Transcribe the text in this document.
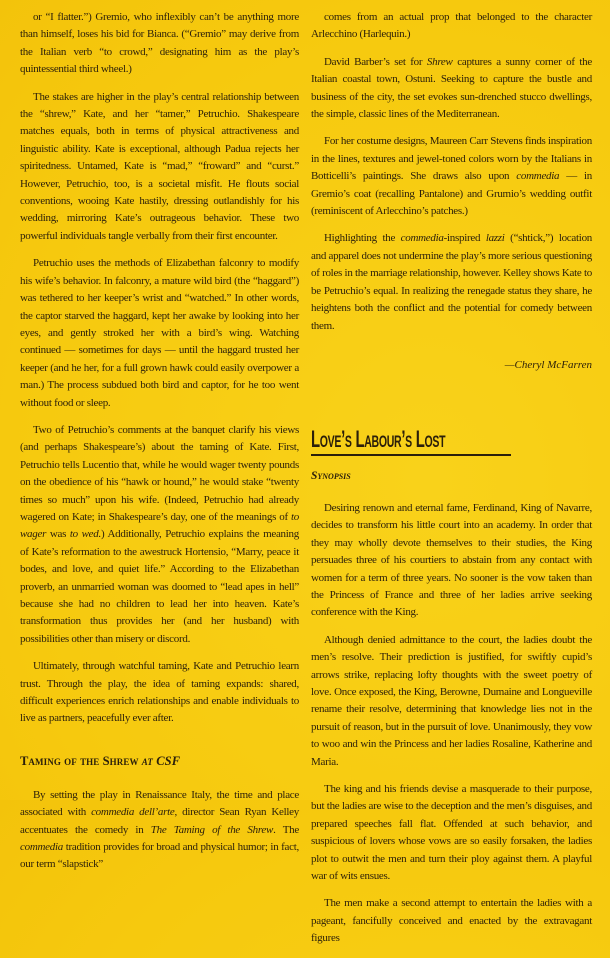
or “I flatter.”) Gremio, who inflexibly can’t be anything more than himself, loses his bid for Bianca. (“Gremio” may derive from the Italian verb “to crowd,” designating him as the play’s quintessential third wheel.)

The stakes are higher in the play’s central relationship between the “shrew,” Kate, and her “tamer,” Petruchio. Shakespeare matches equals, both in terms of physical attractiveness and linguistic ability. Kate is exceptional, although Padua rejects her spiritedness. Untamed, Kate is “mad,” “froward” and “curst.” However, Petruchio, too, is a societal misfit. He flouts social conventions, wooing Kate hastily, dressing outlandishly for his wedding, mirroring Kate’s outrageous behavior. These two powerful individuals tangle verbally from their first encounter.

Petruchio uses the methods of Elizabethan falconry to modify his wife’s behavior. In falconry, a mature wild bird (the “haggard”) was tethered to her keeper’s wrist and “watched.” In other words, the captor starved the haggard, kept her awake by looking into her eyes, and gently stroked her with a bird’s wing. Watching continued — sometimes for days — until the haggard trusted her keeper (and he her, for a full grown hawk could easily overpower a man.) The process subdued both bird and captor, for he too went without food or sleep.

Two of Petruchio’s comments at the banquet clarify his views (and perhaps Shakespeare’s) about the taming of Kate. First, Petruchio tells Lucentio that, while he would wager twenty pounds on the obedience of his “hawk or hound,” he would stake “twenty times so much” upon his wife. (Indeed, Petruchio had already wagered on Kate; in Shakespeare’s day, one of the meanings of to wager was to wed.) Additionally, Petruchio explains the meaning of Kate’s reformation to the awestruck Hortensio, “Marry, peace it bodes, and love, and quiet life.” According to the Elizabethan proverb, an unmarried woman was doomed to “lead apes in hell” because she had no children to lead her into heaven. Kate’s transformation thus provides her (and her husband) with possibilities other than misery or discord.

Ultimately, through watchful taming, Kate and Petruchio learn trust. Through the play, the idea of taming expands: shared, difficult experiences enrich relationships and enable individuals to live as partners, peacefully ever after.

Taming of the Shrew at CSF

By setting the play in Renaissance Italy, the time and place associated with commedia dell’arte, director Sean Ryan Kelley accentuates the comedy in The Taming of the Shrew. The commedia tradition provides for broad and physical humor; in fact, our term “slapstick”

comes from an actual prop that belonged to the character Arlecchino (Harlequin.)

David Barber’s set for Shrew captures a sunny corner of the Italian coastal town, Ostuni. Seeking to capture the bustle and business of the city, the set evokes sun-drenched stucco dwellings, the simple, classic lines of the Mediterranean.

For her costume designs, Maureen Carr Stevens finds inspiration in the lines, textures and jewel-toned colors worn by the Italians in Botticelli’s paintings. She draws also upon commedia — in Gremio’s coat (recalling Pantalone) and Grumio’s wedding outfit (reminiscent of Arlecchino’s patches.)

Highlighting the commedia-inspired lazzi (“shtick,”) location and apparel does not undermine the play’s more serious questioning of roles in the marriage relationship, however. Kelley shows Kate to be Petruchio’s equal. In realizing the renegade status they share, he heightens both the conflict and the potential for comedy between them.

—Cheryl McFarren
Love’s Labour’s Lost
Synopsis

Desiring renown and eternal fame, Ferdinand, King of Navarre, decides to transform his little court into an academy. In order that they may wholly devote themselves to their studies, the King persuades three of his courtiers to abstain from any contact with women for a term of three years. No sooner is the vow taken than the Princess of France and three of her ladies arrive seeking conference with the King.

Although denied admittance to the court, the ladies doubt the men’s resolve. Their prediction is justified, for swiftly cupid’s arrows strike, replacing lofty thoughts with the sweet poetry of love. Once exposed, the King, Berowne, Dumaine and Longueville rename their resolve, determining that knowledge lies not in the pursuit of reason, but in the pursuit of love. Unanimously, they vow to woo and win the Princess and her ladies Rosaline, Katherine and Maria.

The king and his friends devise a masquerade to their purpose, but the ladies are wise to the deception and the men’s disguises, and prepared speeches fall flat. Offended at such behavior, and suspicious of lovers whose vows are so easily forsaken, the ladies plot to outwit the men and turn their ploy against them. A playful war of wits ensues.

The men make a second attempt to entertain the ladies with a pageant, fancifully conceived and enacted by the extravagant figures
